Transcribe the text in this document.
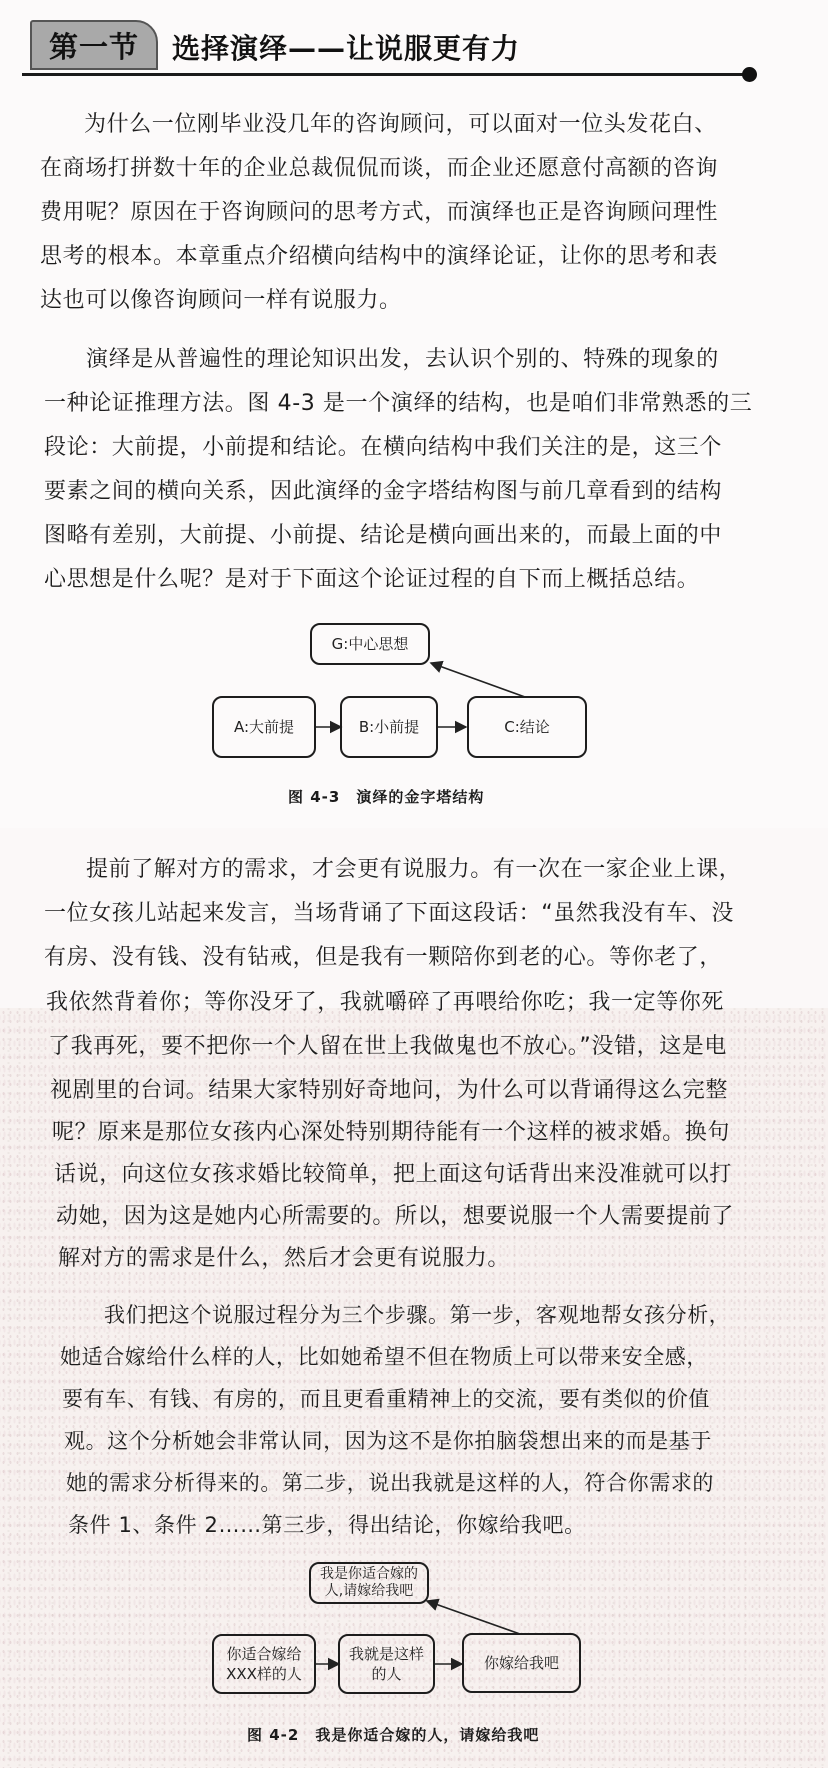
第一节	选择演绎——让说服更有力
为什么一位刚毕业没几年的咨询顾问，可以面对一位头发花白、
在商场打拼数十年的企业总裁侃侃而谈，而企业还愿意付高额的咨询
费用呢？原因在于咨询顾问的思考方式，而演绎也正是咨询顾问理性
思考的根本。本章重点介绍横向结构中的演绎论证，让你的思考和表
达也可以像咨询顾问一样有说服力。
演绎是从普遍性的理论知识出发，去认识个别的、特殊的现象的
一种论证推理方法。图 4-3 是一个演绎的结构，也是咱们非常熟悉的三
段论：大前提，小前提和结论。在横向结构中我们关注的是，这三个
要素之间的横向关系，因此演绎的金字塔结构图与前几章看到的结构
图略有差别，大前提、小前提、结论是横向画出来的，而最上面的中
心思想是什么呢？是对于下面这个论证过程的自下而上概括总结。
G:中心思想
A:大前提	B:小前提	C:结论
图 4-3　演绎的金字塔结构
提前了解对方的需求，才会更有说服力。有一次在一家企业上课，
一位女孩儿站起来发言，当场背诵了下面这段话：“虽然我没有车、没
有房、没有钱、没有钻戒，但是我有一颗陪你到老的心。等你老了，
我依然背着你；等你没牙了，我就嚼碎了再喂给你吃；我一定等你死
了我再死，要不把你一个人留在世上我做鬼也不放心。”没错，这是电
视剧里的台词。结果大家特别好奇地问，为什么可以背诵得这么完整
呢？原来是那位女孩内心深处特别期待能有一个这样的被求婚。换句
话说，向这位女孩求婚比较简单，把上面这句话背出来没准就可以打
动她，因为这是她内心所需要的。所以，想要说服一个人需要提前了
解对方的需求是什么，然后才会更有说服力。
我们把这个说服过程分为三个步骤。第一步，客观地帮女孩分析，
她适合嫁给什么样的人，比如她希望不但在物质上可以带来安全感，
要有车、有钱、有房的，而且更看重精神上的交流，要有类似的价值
观。这个分析她会非常认同，因为这不是你拍脑袋想出来的而是基于
她的需求分析得来的。第二步，说出我就是这样的人，符合你需求的
条件 1、条件 2……第三步，得出结论，你嫁给我吧。
我是你适合嫁的
人,请嫁给我吧
你适合嫁给
XXX样的人
我就是这样
的人
你嫁给我吧
图 4-2　我是你适合嫁的人，请嫁给我吧
